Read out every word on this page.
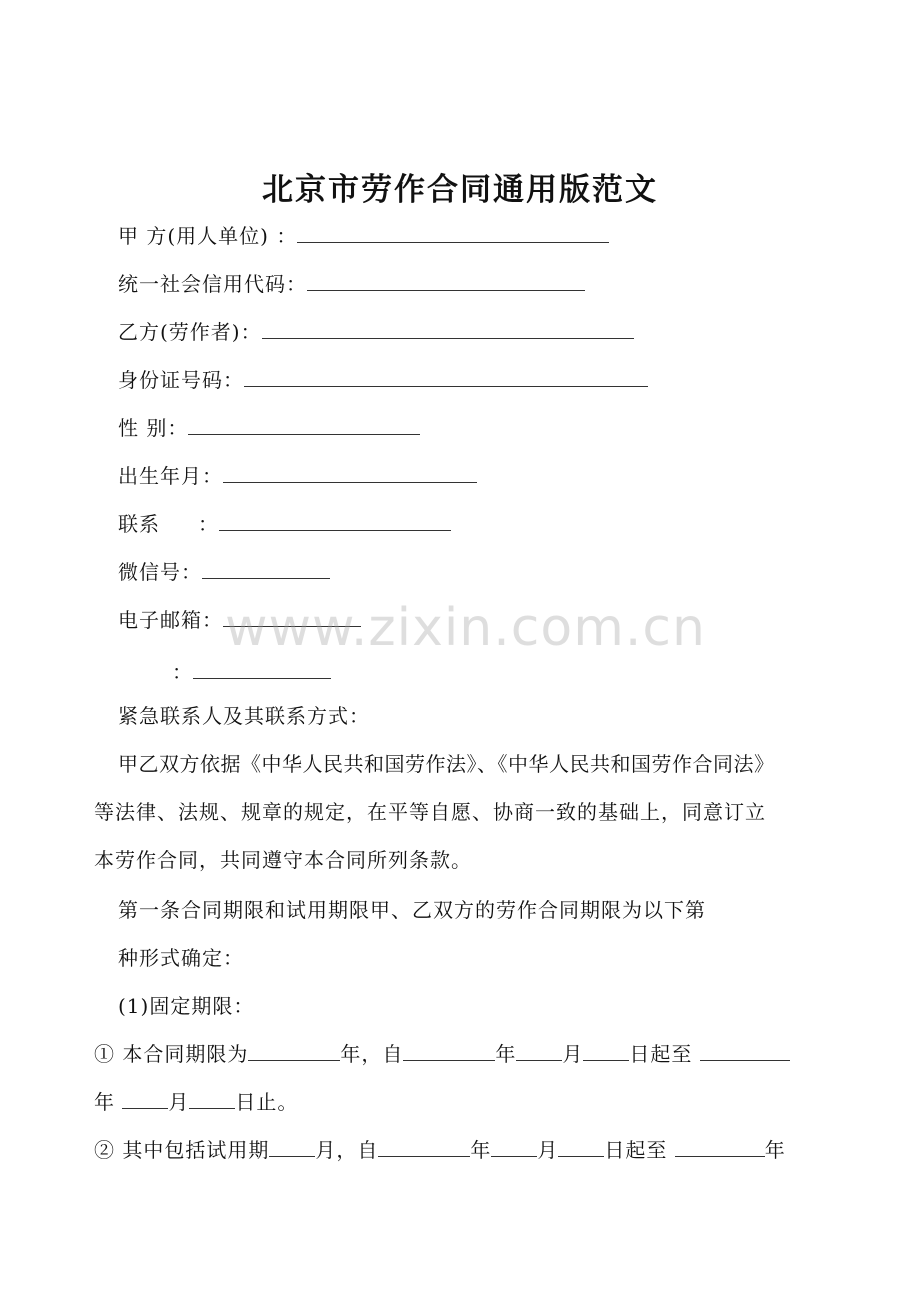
北京市劳作合同通用版范文
甲 方(用人单位) ：
统一社会信用代码：
乙方(劳作者)：
身份证号码：
性 别：
出生年月：
联系 ：
微信号：
电子邮箱：
：
紧急联系人及其联系方式：
甲乙双方依据《中华人民共和国劳作法》、《中华人民共和国劳作合同法》
等法律、法规、规章的规定，在平等自愿、协商一致的基础上，同意订立
本劳作合同，共同遵守本合同所列条款。
第一条合同期限和试用期限甲、乙双方的劳作合同期限为以下第
种形式确定：
(1)固定期限：
① 本合同期限为	年，自	年 月 日起至
年	月 日止。
② 其中包括试用期 月，自	年 月 日起至	年
www.zixin.com.cn
